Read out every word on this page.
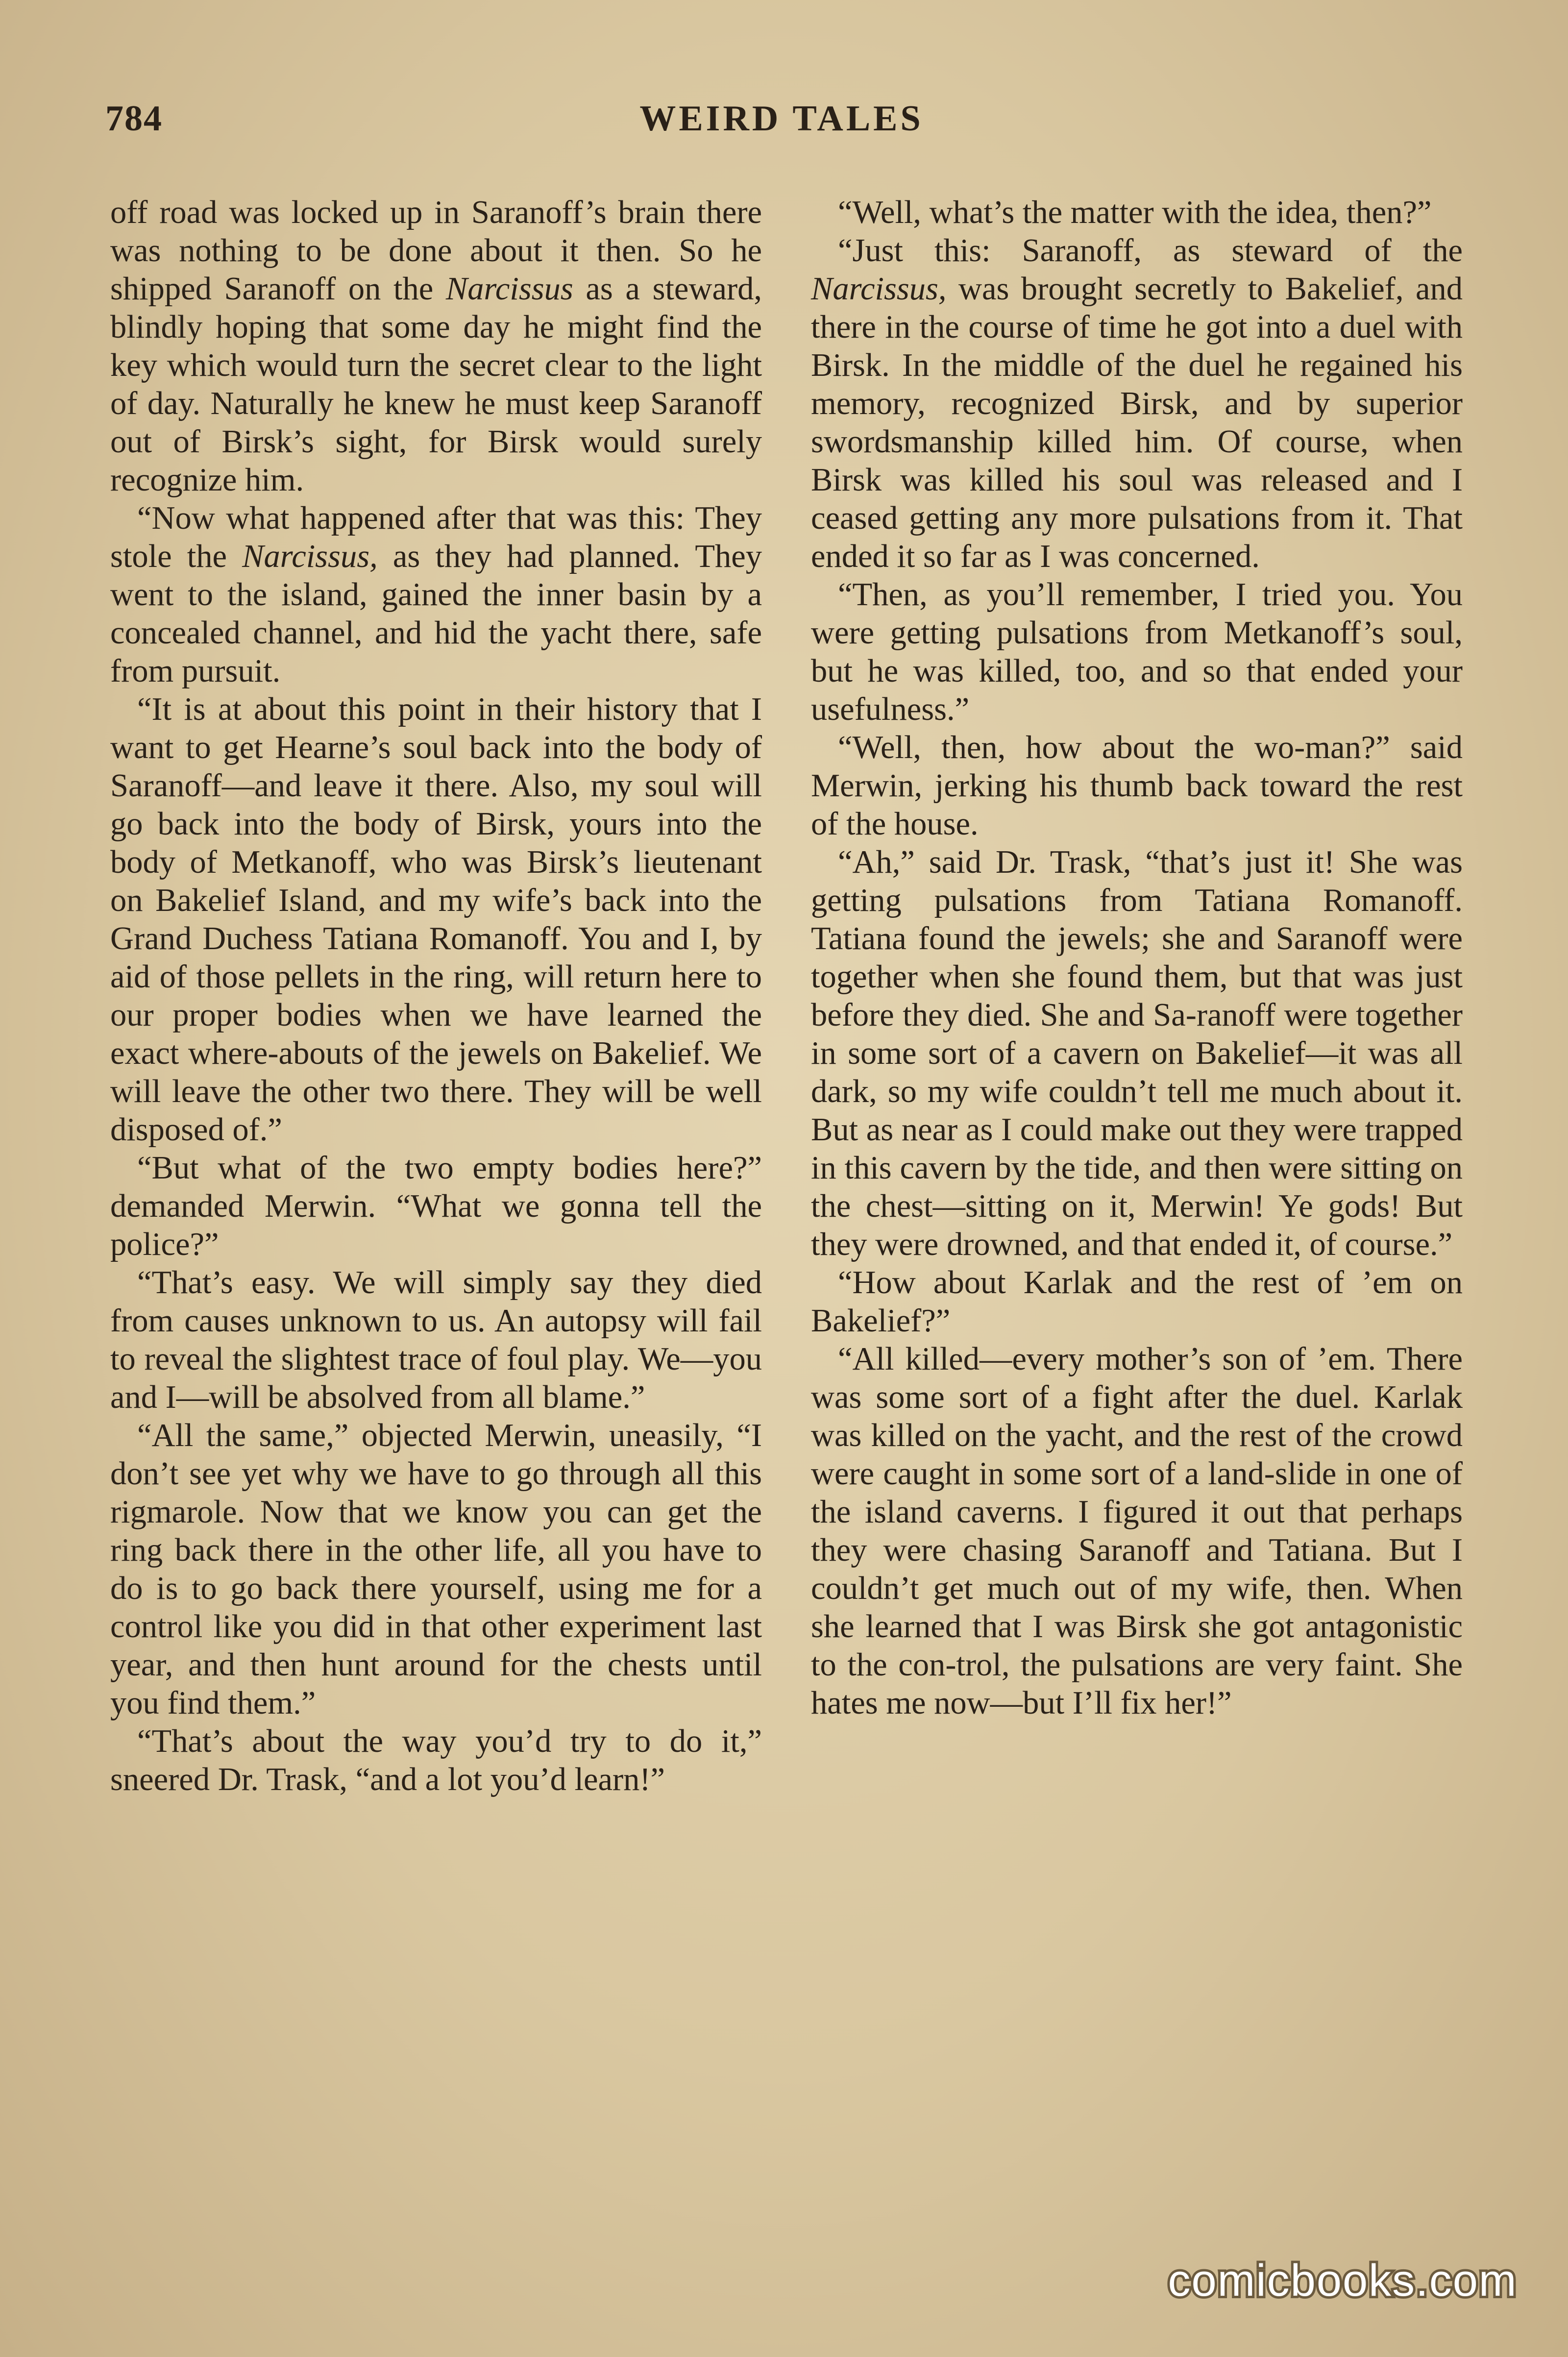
784	WEIRD TALES

off road was locked up in Saranoff’s brain there was nothing to be done about it then. So he shipped Saranoff on the Narcissus as a steward, blindly hoping that some day he might find the key which would turn the secret clear to the light of day. Naturally he knew he must keep Saranoff out of Birsk’s sight, for Birsk would surely recognize him.

“Now what happened after that was this: They stole the Narcissus, as they had planned. They went to the island, gained the inner basin by a concealed channel, and hid the yacht there, safe from pursuit.

“It is at about this point in their history that I want to get Hearne’s soul back into the body of Saranoff—and leave it there. Also, my soul will go back into the body of Birsk, yours into the body of Metkanoff, who was Birsk’s lieutenant on Bakelief Island, and my wife’s back into the Grand Duchess Tatiana Romanoff. You and I, by aid of those pellets in the ring, will return here to our proper bodies when we have learned the exact where-abouts of the jewels on Bakelief. We will leave the other two there. They will be well disposed of.”

“But what of the two empty bodies here?” demanded Merwin. “What we gonna tell the police?”

“That’s easy. We will simply say they died from causes unknown to us. An autopsy will fail to reveal the slightest trace of foul play. We—you and I—will be absolved from all blame.”

“All the same,” objected Merwin, uneasily, “I don’t see yet why we have to go through all this rigmarole. Now that we know you can get the ring back there in the other life, all you have to do is to go back there yourself, using me for a control like you did in that other experiment last year, and then hunt around for the chests until you find them.”

“That’s about the way you’d try to do it,” sneered Dr. Trask, “and a lot you’d learn!”

“Well, what’s the matter with the idea, then?”

“Just this: Saranoff, as steward of the Narcissus, was brought secretly to Bakelief, and there in the course of time he got into a duel with Birsk. In the middle of the duel he regained his memory, recognized Birsk, and by superior swordsmanship killed him. Of course, when Birsk was killed his soul was released and I ceased getting any more pulsations from it. That ended it so far as I was concerned.

“Then, as you’ll remember, I tried you. You were getting pulsations from Metkanoff’s soul, but he was killed, too, and so that ended your usefulness.”

“Well, then, how about the wo-man?” said Merwin, jerking his thumb back toward the rest of the house.

“Ah,” said Dr. Trask, “that’s just it! She was getting pulsations from Tatiana Romanoff. Tatiana found the jewels; she and Saranoff were together when she found them, but that was just before they died. She and Sa-ranoff were together in some sort of a cavern on Bakelief—it was all dark, so my wife couldn’t tell me much about it. But as near as I could make out they were trapped in this cavern by the tide, and then were sitting on the chest—sitting on it, Merwin! Ye gods! But they were drowned, and that ended it, of course.”

“How about Karlak and the rest of ’em on Bakelief?”

“All killed—every mother’s son of ’em. There was some sort of a fight after the duel. Karlak was killed on the yacht, and the rest of the crowd were caught in some sort of a land-slide in one of the island caverns. I figured it out that perhaps they were chasing Saranoff and Tatiana. But I couldn’t get much out of my wife, then. When she learned that I was Birsk she got antagonistic to the con-trol, the pulsations are very faint. She hates me now—but I’ll fix her!”

comicbooks.com
